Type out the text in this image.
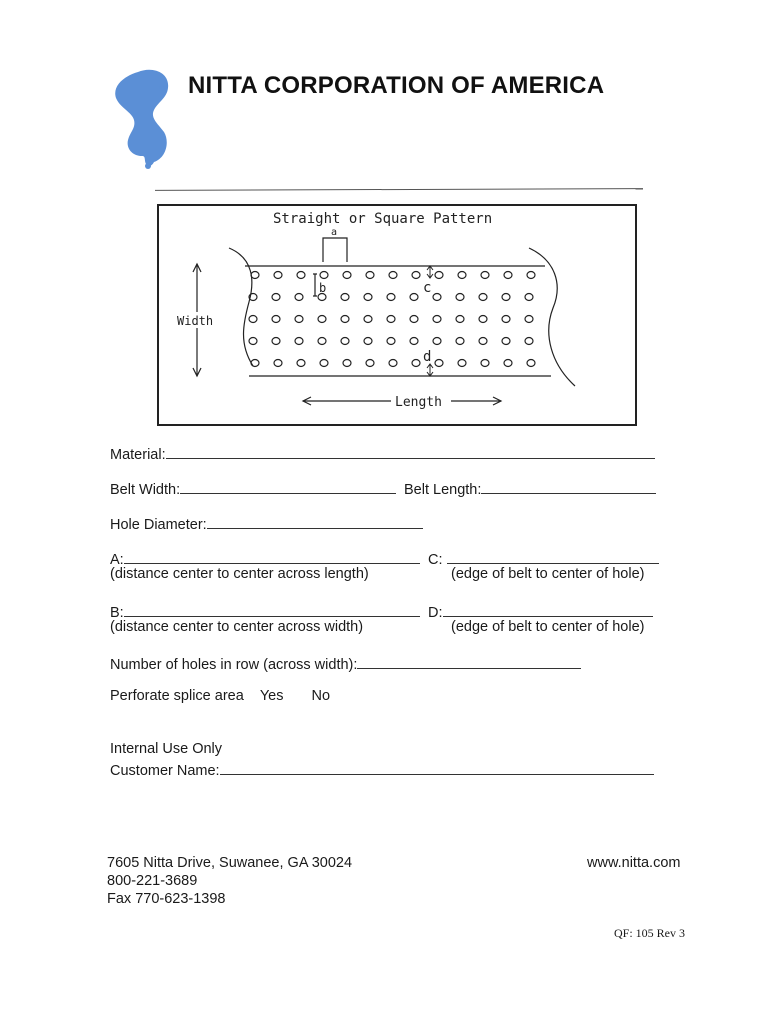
NITTA CORPORATION OF AMERICA
Straight or Square Pattern
a
b	c
d
Width
Length
Material:
Belt Width:	Belt Length:
Hole Diameter:
A:
(distance center to center across length)
C:
(edge of belt to center of hole)
B:
(distance center to center across width)
D:
(edge of belt to center of hole)
Number of holes in row (across width):
Perforate splice area Yes No
Internal Use Only
Customer Name:
7605 Nitta Drive, Suwanee, GA 30024
800-221-3689
Fax 770-623-1398
www.nitta.com
QF: 105 Rev 3
